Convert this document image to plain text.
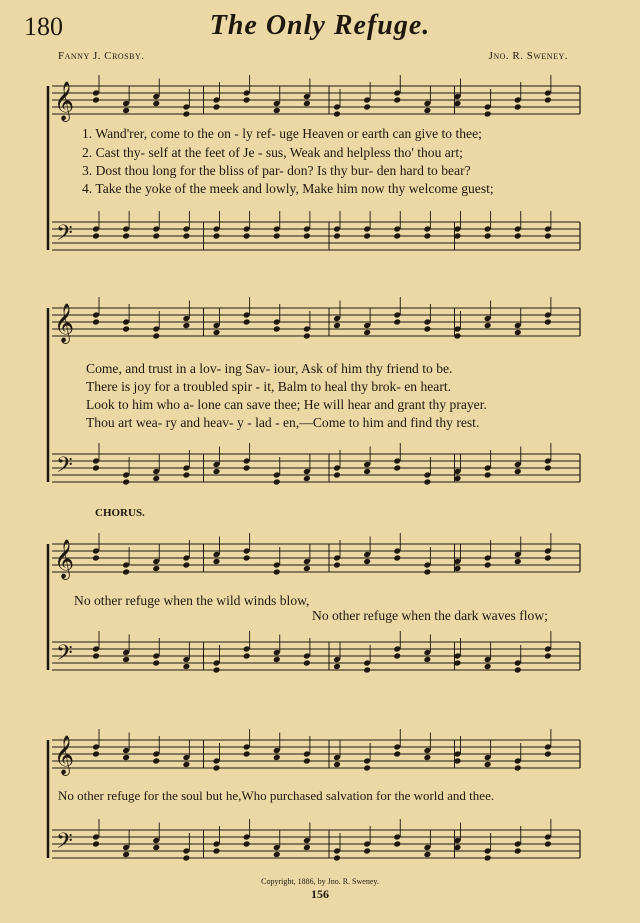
180	The Only Refuge.
Fanny J. Crosby.	Jno. R. Sweney.
𝄞
𝄢
𝄞
𝄢
𝄞
𝄢
𝄞
𝄢
1. Wand'rer, come to the on - ly ref- uge Heaven or earth can give to thee;
2. Cast thy- self at the feet of Je - sus, Weak and helpless tho' thou art;
3. Dost thou long for the bliss of par- don? Is thy bur- den hard to bear?
4. Take the yoke of the meek and lowly, Make him now thy welcome guest;
Come, and trust in a lov- ing Sav- iour, Ask of him thy friend to be.
There is joy for a troubled spir - it, Balm to heal thy brok- en heart.
Look to him who a- lone can save thee; He will hear and grant thy prayer.
Thou art wea- ry and heav- y - lad - en,—Come to him and find thy rest.
CHORUS.
No other refuge when the wild winds blow,
No other refuge when the dark waves flow;
No other refuge for the soul but he,Who purchased salvation for the world and thee.
Copyright, 1886, by Jno. R. Sweney.
156
